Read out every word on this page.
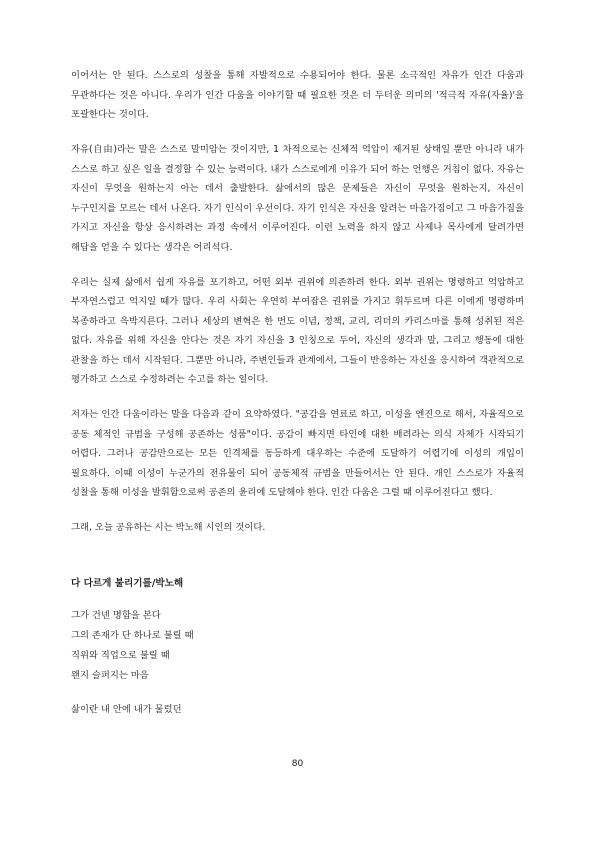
이어서는 안 된다. 스스로의 성찰을 통해 자발적으로 수용되어야 한다. 물론 소극적인 자유가 인간 다움과 무관하다는 것은 아니다. 우리가 인간 다움을 이야기할 때 필요한 것은 더 두터운 의미의 '적극적 자유(자율)'을 포괄한다는 것이다.

자유(自由)라는 말은 스스로 말미암는 것이지만, 1 차적으로는 신체적 억압이 제거된 상태일 뿐만 아니라 내가 스스로 하고 싶은 일을 결정할 수 있는 능력이다. 내가 스스로에게 이유가 되어 하는 언행은 거침이 없다. 자유는 자신이 무엇을 원하는지 아는 데서 출발한다. 삶에서의 많은 문제들은 자신이 무엇을 원하는지, 자신이 누구인지를 모르는 데서 나온다. 자기 인식이 우선이다. 자기 인식은 자신을 알려는 마음가짐이고 그 마음가짐을 가지고 자신을 항상 응시하려는 과정 속에서 이루어진다. 이런 노력을 하지 않고 사제나 목사에게 달려가면 해답을 얻을 수 있다는 생각은 어리석다.

우리는 실제 삶에서 쉽게 자유를 포기하고, 어떤 외부 권위에 의존하려 한다. 외부 권위는 명령하고 억압하고 부자연스럽고 억지일 때가 많다. 우리 사회는 우연히 부여잡은 권위를 가지고 휘두르며 다른 이에게 명령하며 복종하라고 윽박지른다. 그러나 세상의 변혁은 한 번도 이념, 정책, 교리, 리더의 카리스마를 통해 성취된 적은 없다. 자유를 위해 자신을 안다는 것은 자기 자신을 3 인칭으로 두어, 자신의 생각과 말, 그리고 행동에 대한 관찰을 하는 데서 시작된다. 그뿐만 아니라, 주변인들과 관계에서, 그들이 반응하는 자신을 응시하여 객관적으로 평가하고 스스로 수정하려는 수고를 하는 일이다.

저자는 인간 다움이라는 말을 다음과 같이 요약하였다. "공감을 연료로 하고, 이성을 엔진으로 해서, 자율적으로 공동 체적인 규범을 구성해 공존하는 성품"이다. 공감이 빠지면 타인에 대한 배려라는 의식 자체가 시작되기 어렵다. 그러나 공감만으로는 모든 인격체를 동등하게 대우하는 수준에 도달하기 어렵기에 이성의 개입이 필요하다. 이때 이성이 누군가의 전유물이 되어 공동체적 규범을 만들어서는 안 된다. 개인 스스로가 자율적 성찰을 통해 이성을 발휘함으로써 공존의 윤리에 도달해야 한다. 인간 다움은 그럴 때 이루어진다고 했다.

그래, 오늘 공유하는 시는 박노해 시인의 것이다.

다 다르게 불리기를/박노해
그가 건넨 명함을 본다
그의 존재가 단 하나로 불릴 때
직위와 직업으로 불릴 때
왠지 슬퍼지는 마음
삶이란 내 안에 내가 물렀던
80
